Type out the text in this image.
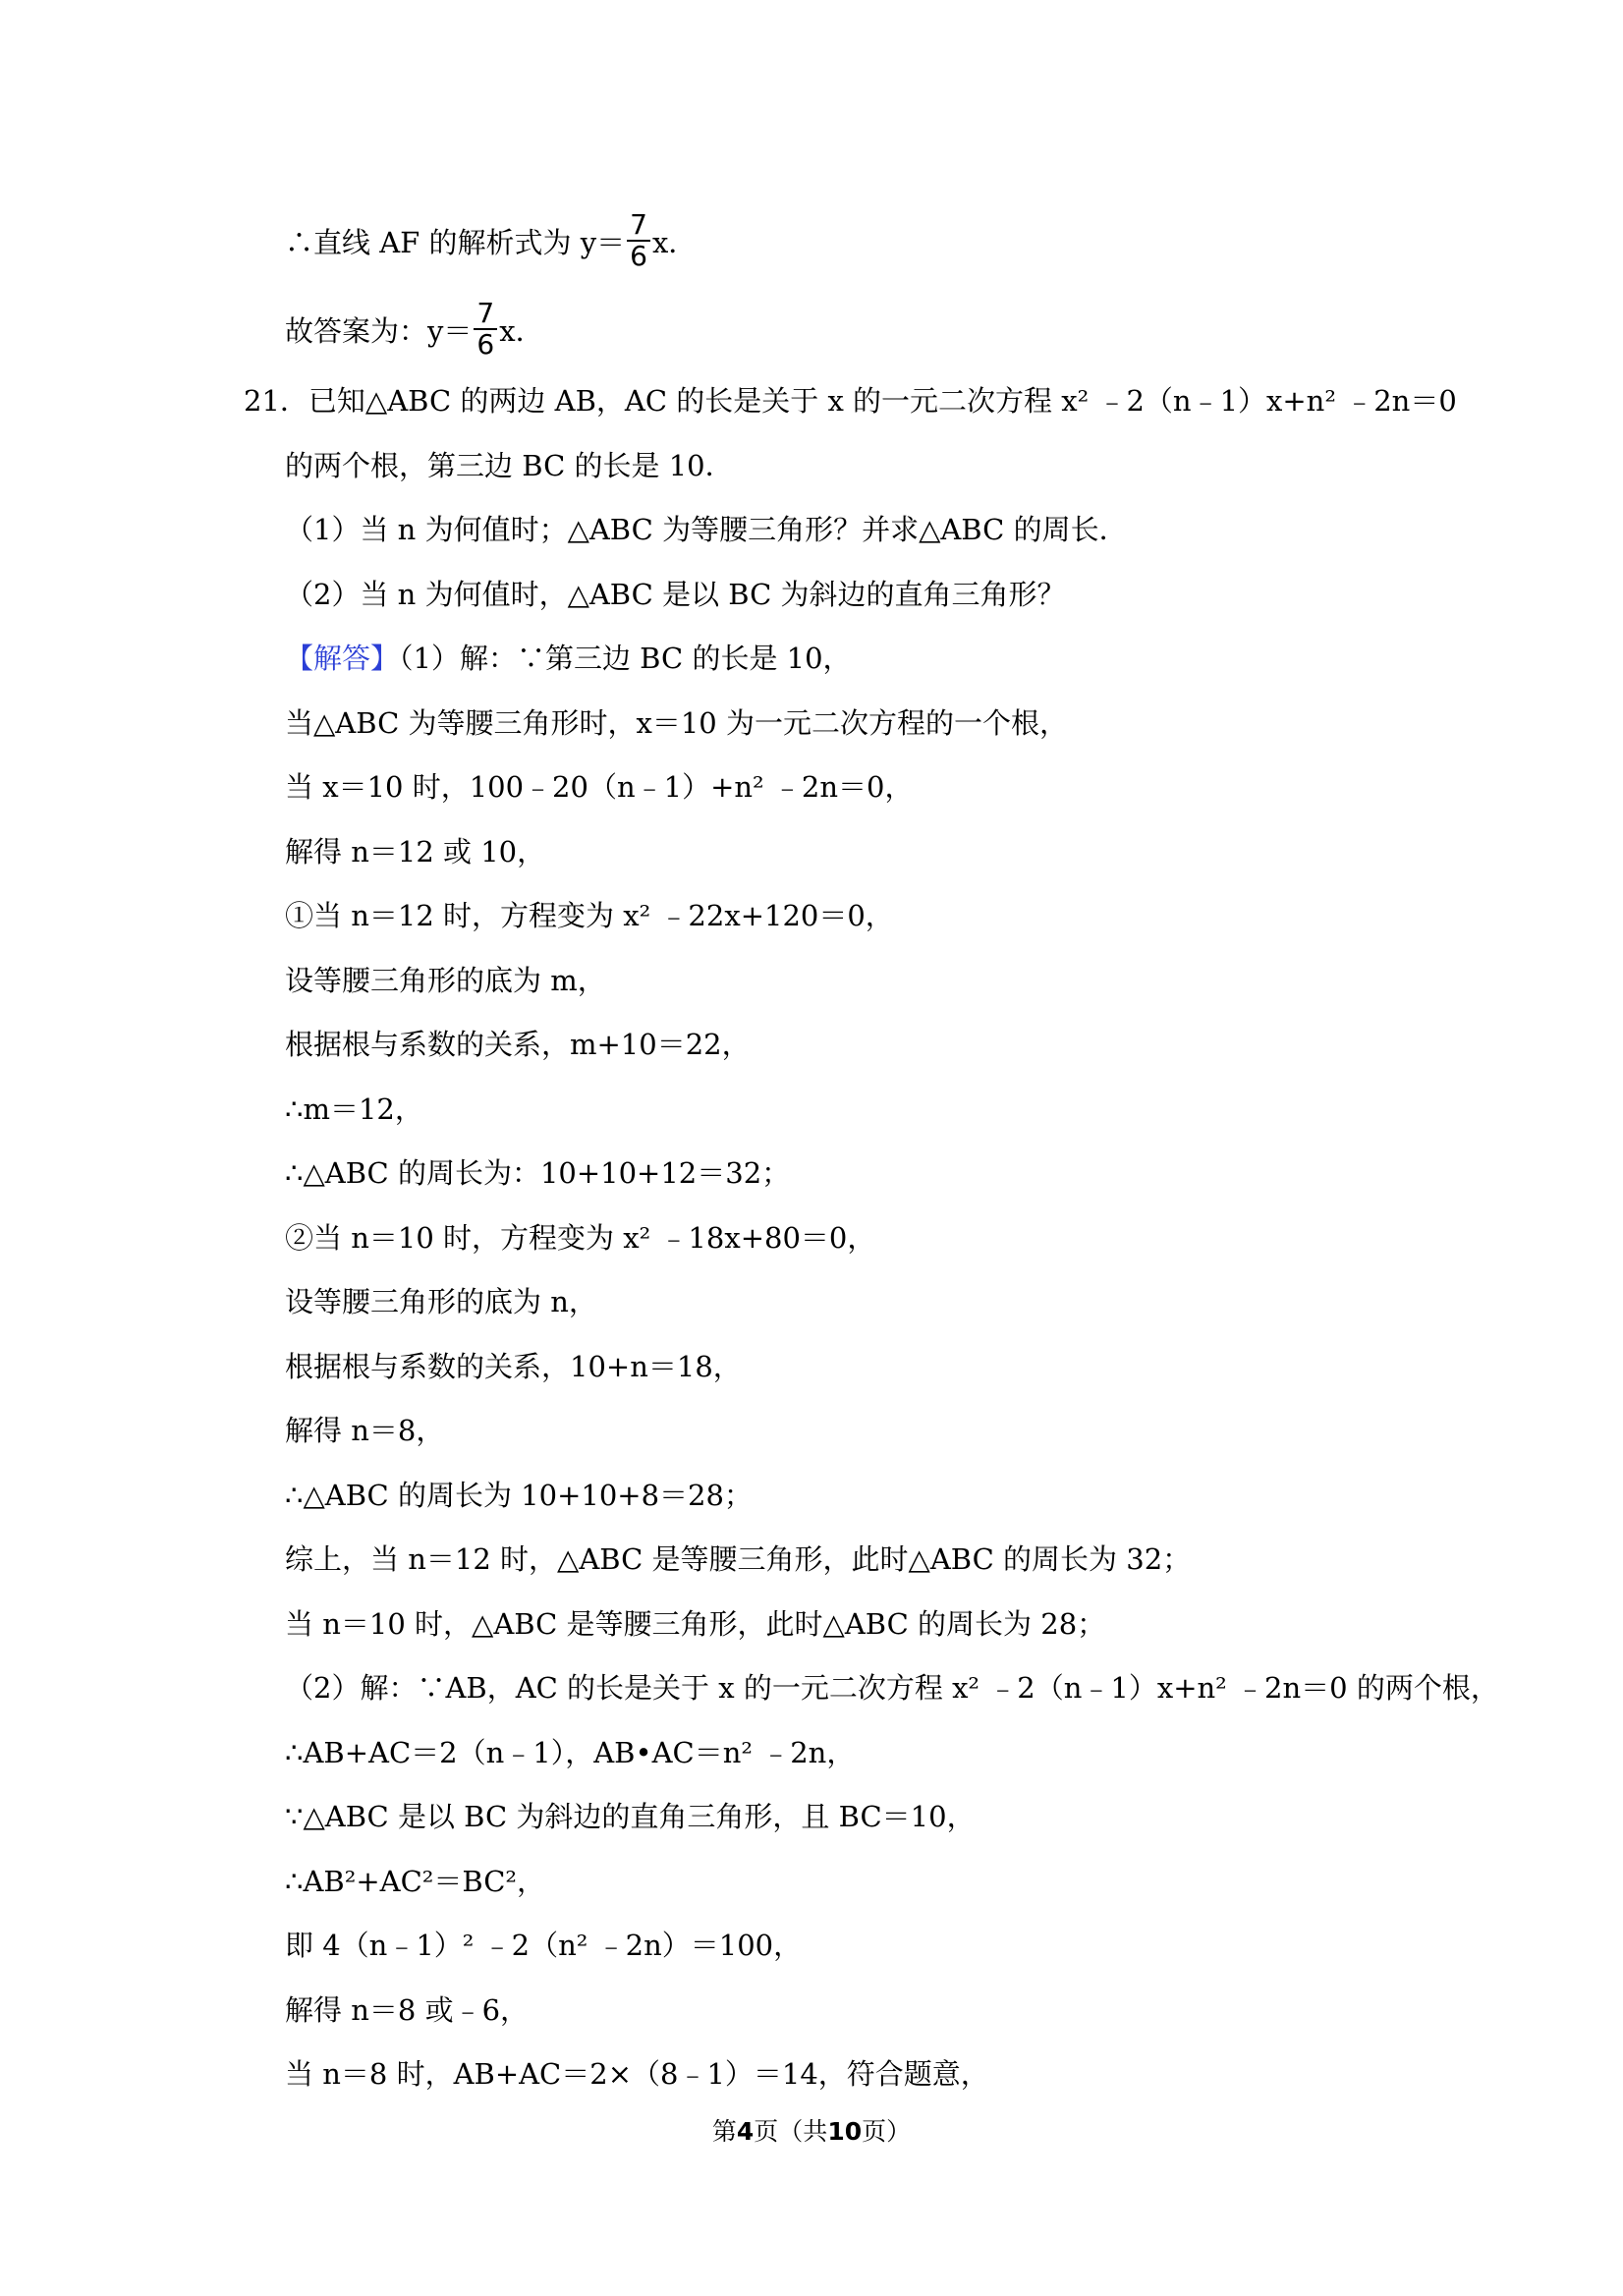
∴直线 AF 的解析式为 $y= \frac{7}{6}$ x．
故答案为：$y= \frac{7}{6}$ x．
21．已知△ABC 的两边 AB，AC 的长是关于 x 的一元二次方程 x² ﹣2（n﹣1）x+n² ﹣2n＝0
的两个根，第三边 BC 的长是 10．
（1）当 n 为何值时；△ABC 为等腰三角形？并求△ABC 的周长．
（2）当 n 为何值时，△ABC 是以 BC 为斜边的直角三角形？
【解答】（1）解：∵第三边 BC 的长是 10，
当△ABC 为等腰三角形时，x＝10 为一元二次方程的一个根，
当 x＝10 时，100﹣20（n﹣1）+n² ﹣2n＝0，
解得 n＝12 或 10，
①当 n＝12 时，方程变为 x² ﹣22x+120＝0，
设等腰三角形的底为 m，
根据根与系数的关系，m+10＝22，
∴m＝12，
∴△ABC 的周长为：10+10+12＝32；
②当 n＝10 时，方程变为 x² ﹣18x+80＝0，
设等腰三角形的底为 n，
根据根与系数的关系，10+n＝18，
解得 n＝8，
∴△ABC 的周长为 10+10+8＝28；
综上，当 n＝12 时，△ABC 是等腰三角形，此时△ABC 的周长为 32；
当 n＝10 时，△ABC 是等腰三角形，此时△ABC 的周长为 28；
（2）解：∵AB，AC 的长是关于 x 的一元二次方程 x² ﹣2（n﹣1）x+n² ﹣2n＝0 的两个根，
∴AB+AC＝2（n﹣1），AB•AC＝n² ﹣2n，
∵△ABC 是以 BC 为斜边的直角三角形，且 BC＝10，
∴AB²+AC²＝BC²，
即 4（n﹣1）² ﹣2（n² ﹣2n）＝100，
解得 n＝8 或﹣6，
当 n＝8 时，AB+AC＝2×（8﹣1）＝14，符合题意，
第4页（共10页）
